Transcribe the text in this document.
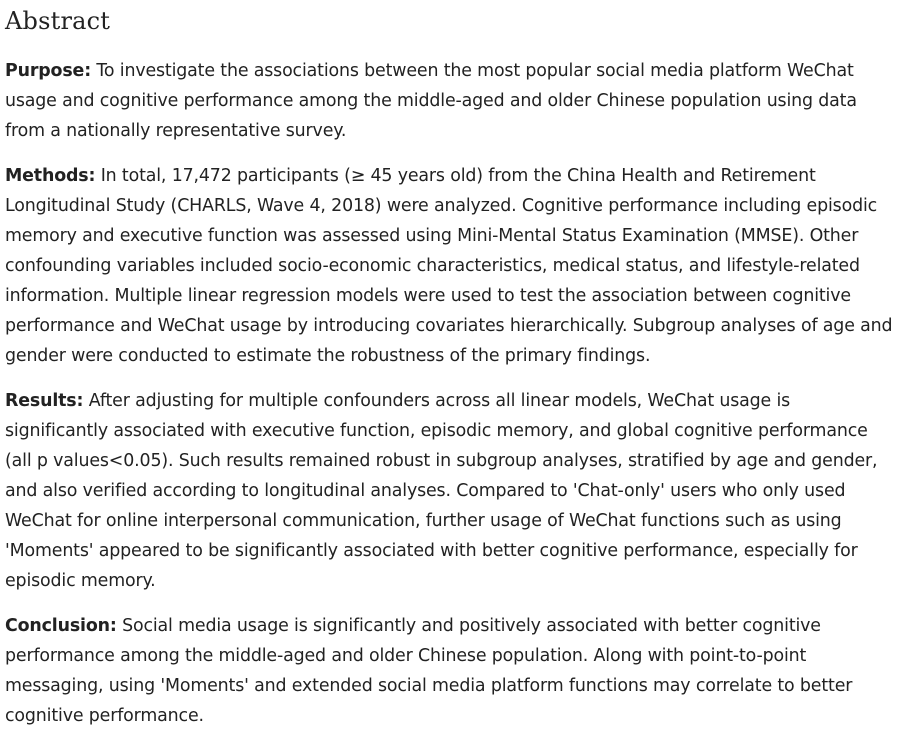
Abstract

Purpose: To investigate the associations between the most popular social media platform WeChat usage and cognitive performance among the middle-aged and older Chinese population using data from a nationally representative survey.

Methods: In total, 17,472 participants (≥ 45 years old) from the China Health and Retirement Longitudinal Study (CHARLS, Wave 4, 2018) were analyzed. Cognitive performance including episodic memory and executive function was assessed using Mini-Mental Status Examination (MMSE). Other confounding variables included socio-economic characteristics, medical status, and lifestyle-related information. Multiple linear regression models were used to test the association between cognitive performance and WeChat usage by introducing covariates hierarchically. Subgroup analyses of age and gender were conducted to estimate the robustness of the primary findings.

Results: After adjusting for multiple confounders across all linear models, WeChat usage is significantly associated with executive function, episodic memory, and global cognitive performance (all p values<0.05). Such results remained robust in subgroup analyses, stratified by age and gender, and also verified according to longitudinal analyses. Compared to 'Chat-only' users who only used WeChat for online interpersonal communication, further usage of WeChat functions such as using 'Moments' appeared to be significantly associated with better cognitive performance, especially for episodic memory.

Conclusion: Social media usage is significantly and positively associated with better cognitive performance among the middle-aged and older Chinese population. Along with point-to-point messaging, using 'Moments' and extended social media platform functions may correlate to better cognitive performance.
